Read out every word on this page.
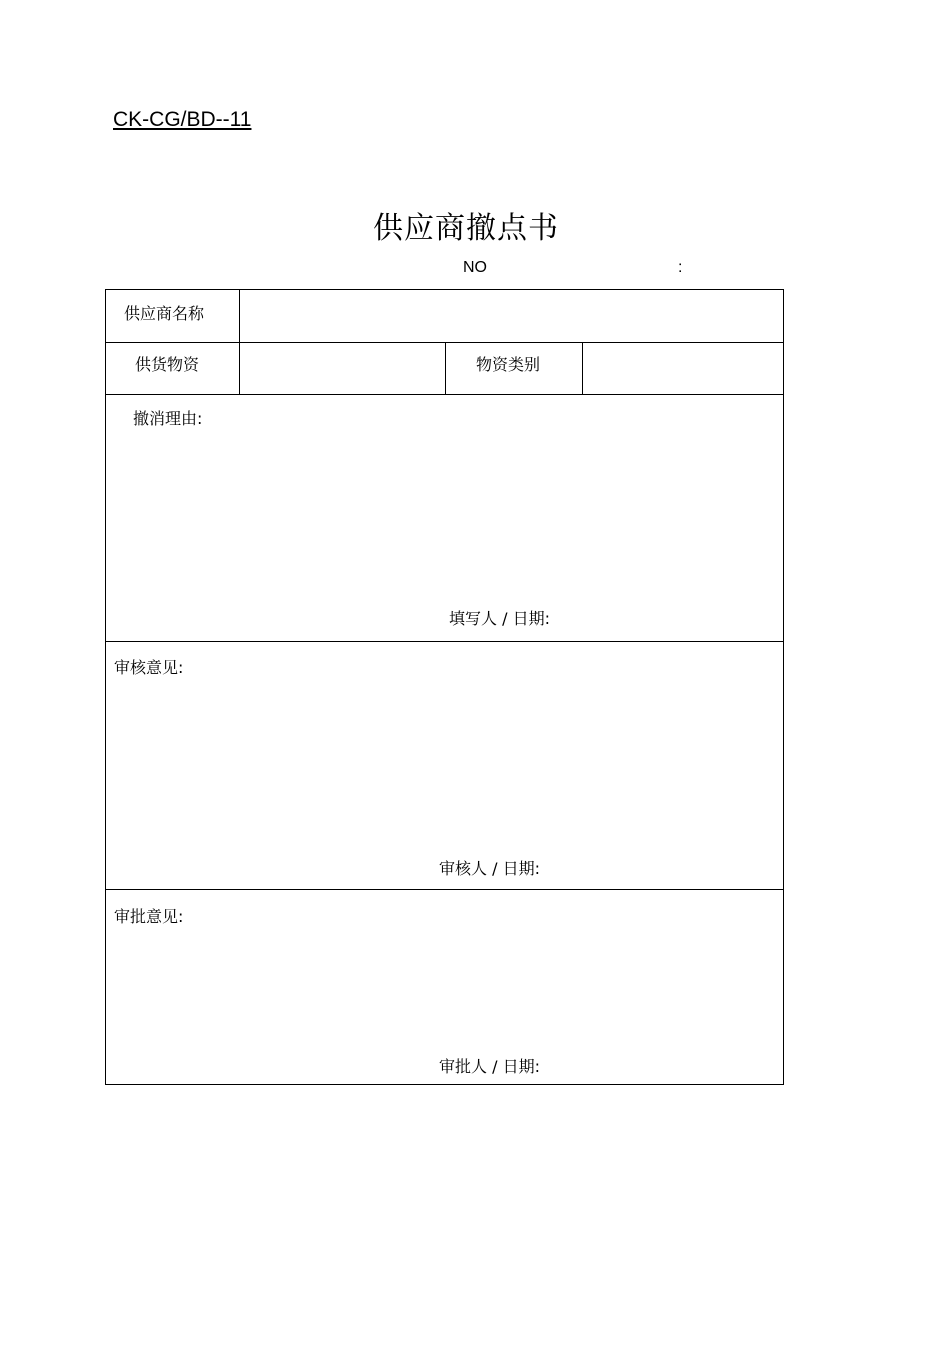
CK-CG/BD--11
供应商撤点书
NO	:
供应商名称
供货物资	物资类别
撤消理由:
填写人 / 日期:
审核意见:
审核人 / 日期:
审批意见:
审批人 / 日期:
